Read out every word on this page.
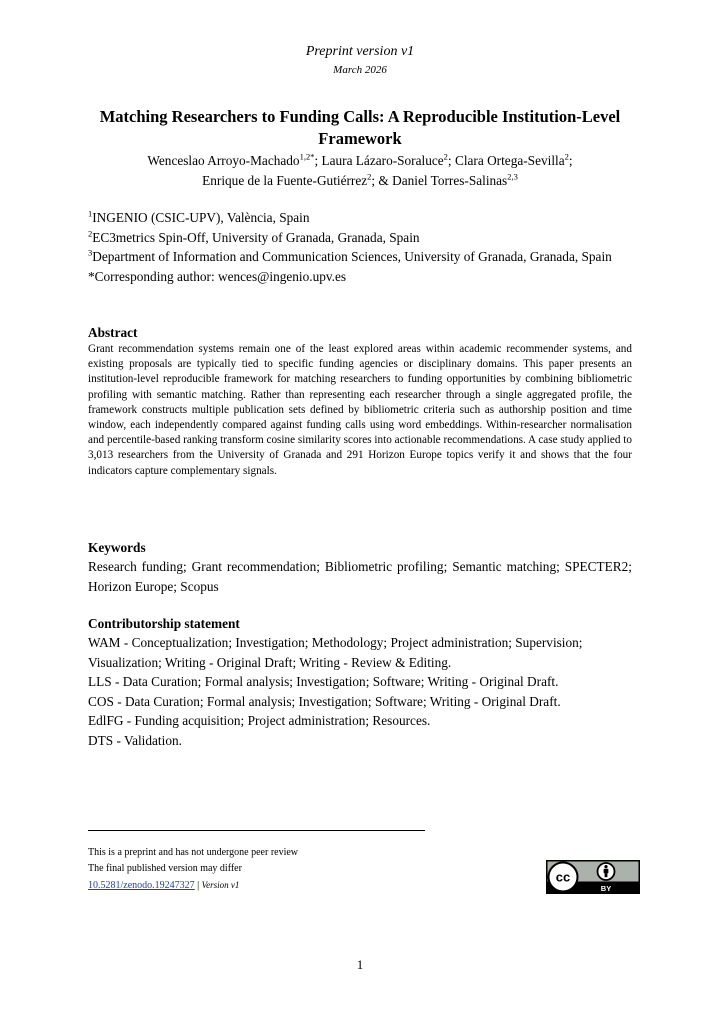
Preprint version v1
March 2026
Matching Researchers to Funding Calls: A Reproducible Institution-Level Framework
Wenceslao Arroyo-Machado$^{1,2*}$; Laura Lázaro-Soraluce$^2$; Clara Ortega-Sevilla$^2$;
Enrique de la Fuente-Gutiérrez$^2$; & Daniel Torres-Salinas$^{2,3}$
$^1$INGENIO (CSIC-UPV), València, Spain
$^2$EC3metrics Spin-Off, University of Granada, Granada, Spain
$^3$Department of Information and Communication Sciences, University of Granada, Granada, Spain
*Corresponding author: wences@ingenio.upv.es
Abstract
Grant recommendation systems remain one of the least explored areas within academic recommender systems, and existing proposals are typically tied to specific funding agencies or disciplinary domains. This paper presents an institution-level reproducible framework for matching researchers to funding opportunities by combining bibliometric profiling with semantic matching. Rather than representing each researcher through a single aggregated profile, the framework constructs multiple publication sets defined by bibliometric criteria such as authorship position and time window, each independently compared against funding calls using word embeddings. Within-researcher normalisation and percentile-based ranking transform cosine similarity scores into actionable recommendations. A case study applied to 3,013 researchers from the University of Granada and 291 Horizon Europe topics verify it and shows that the four indicators capture complementary signals.
Keywords
Research funding; Grant recommendation; Bibliometric profiling; Semantic matching; SPECTER2; Horizon Europe; Scopus
Contributorship statement
WAM - Conceptualization; Investigation; Methodology; Project administration; Supervision; Visualization; Writing - Original Draft; Writing - Review & Editing.
LLS - Data Curation; Formal analysis; Investigation; Software; Writing - Original Draft.
COS - Data Curation; Formal analysis; Investigation; Software; Writing - Original Draft.
EdlFG - Funding acquisition; Project administration; Resources.
DTS - Validation.
This is a preprint and has not undergone peer review
The final published version may differ
10.5281/zenodo.19247327 | Version v1
cc
BY
1
